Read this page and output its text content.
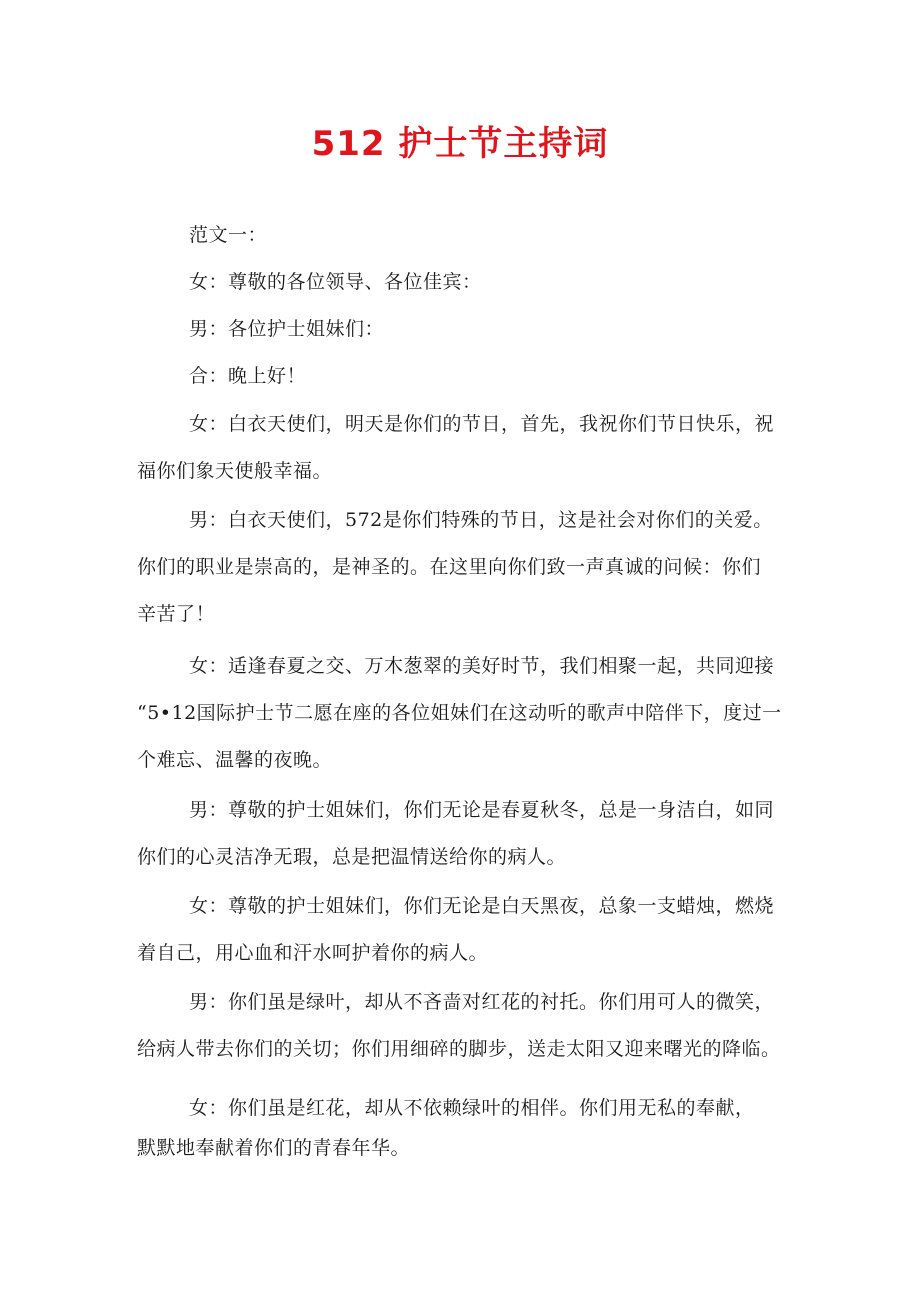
512 护士节主持词
范文一：
女：尊敬的各位领导、各位佳宾：
男：各位护士姐妹们：
合：晚上好！
女：白衣天使们，明天是你们的节日，首先，我祝你们节日快乐，祝
福你们象天使般幸福。
男：白衣天使们，572是你们特殊的节日，这是社会对你们的关爱。
你们的职业是崇高的，是神圣的。在这里向你们致一声真诚的问候：你们
辛苦了！
女：适逢春夏之交、万木葱翠的美好时节，我们相聚一起，共同迎接
“5•12国际护士节二愿在座的各位姐妹们在这动听的歌声中陪伴下，度过一
个难忘、温馨的夜晚。
男：尊敬的护士姐妹们，你们无论是春夏秋冬，总是一身洁白，如同
你们的心灵洁净无瑕，总是把温情送给你的病人。
女：尊敬的护士姐妹们，你们无论是白天黑夜，总象一支蜡烛，燃烧
着自己，用心血和汗水呵护着你的病人。
男：你们虽是绿叶，却从不吝啬对红花的衬托。你们用可人的微笑，
给病人带去你们的关切；你们用细碎的脚步，送走太阳又迎来曙光的降临。
女：你们虽是红花，却从不依赖绿叶的相伴。你们用无私的奉献，
默默地奉献着你们的青春年华。
